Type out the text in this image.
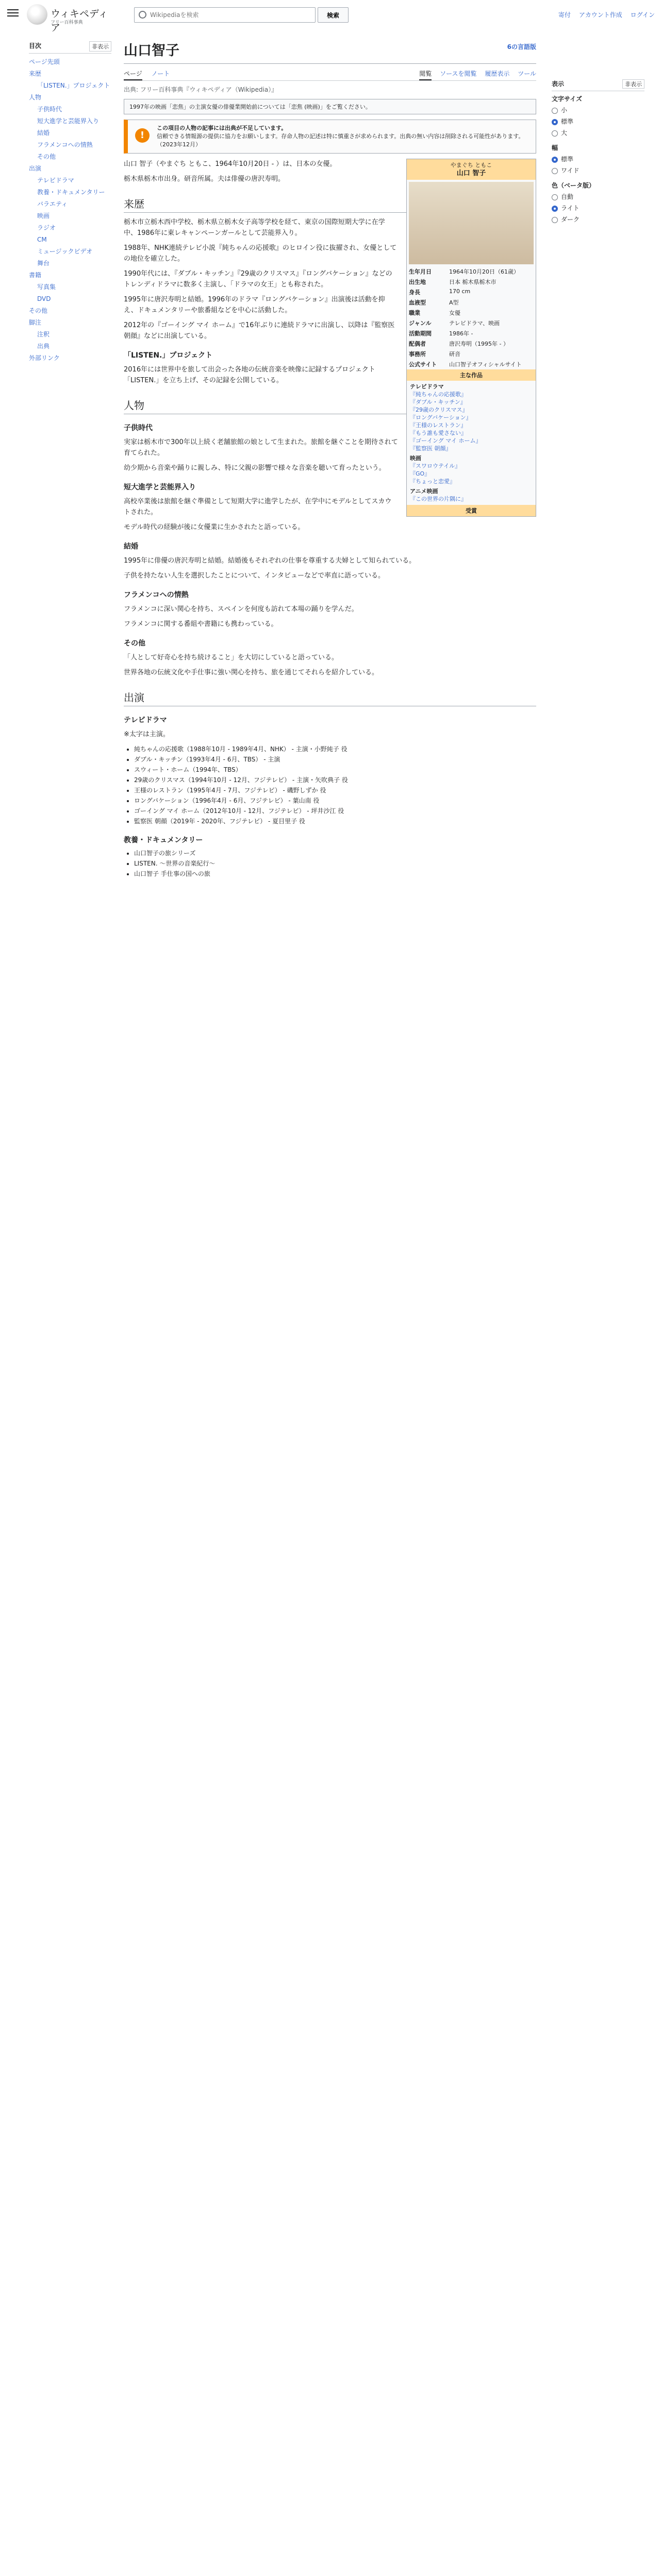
ウィキペディア
フリー百科事典
Wikipediaを検索
検索	寄付 アカウント作成 ログイン
目次	非表示
ページ先頭
来歴
「LISTEN.」プロジェクト
人物
子供時代
短大進学と芸能界入り
結婚
フラメンコへの情熱
その他
出演
テレビドラマ
教養・ドキュメンタリー
バラエティ
映画
ラジオ
CM
ミュージックビデオ
舞台
書籍
写真集
DVD
その他
脚注
注釈
出典
外部リンク
山口智子	6の言語版
ページ ノート	閲覧 ソースを閲覧 履歴表示 ツール
出典: フリー百科事典『ウィキペディア（Wikipedia）』
1997年の映画「恋焦」の主演女優の俳優業開始前については「恋焦 (映画)」をご覧ください。
!
この項目の人物の記事には出典が不足しています。
信頼できる情報源の提供に協力をお願いします。存命人物の記述は特に慎重さが求められます。出典の無い内容は削除される可能性があります。（2023年12月）
やまぐち ともこ
山口 智子
生年月日	1964年10月20日（61歳）
出生地	日本 栃木県栃木市
身長	170 cm
血液型	A型
職業	女優
ジャンル	テレビドラマ、映画
活動期間	1986年 -
配偶者	唐沢寿明（1995年 - ）
事務所	研音
公式サイト	山口智子オフィシャルサイト
主な作品
テレビドラマ
『純ちゃんの応援歌』
『ダブル・キッチン』
『29歳のクリスマス』
『ロングバケーション』
『王様のレストラン』
『もう誰も愛さない』
『ゴーイング マイ ホーム』
『監察医 朝顔』
映画
『スワロウテイル』
『GO』
『ちょっと恋愛』
アニメ映画
『この世界の片隅に』
受賞

山口 智子（やまぐち ともこ、1964年10月20日 - ）は、日本の女優。

栃木県栃木市出身。研音所属。夫は俳優の唐沢寿明。

来歴

栃木市立栃木西中学校、栃木県立栃木女子高等学校を経て、東京の国際短期大学に在学中、1986年に東レキャンペーンガールとして芸能界入り。

1988年、NHK連続テレビ小説『純ちゃんの応援歌』のヒロイン役に抜擢され、女優としての地位を確立した。

1990年代には、『ダブル・キッチン』『29歳のクリスマス』『ロングバケーション』などのトレンディドラマに数多く主演し、「ドラマの女王」とも称された。

1995年に唐沢寿明と結婚。1996年のドラマ『ロングバケーション』出演後は活動を抑え、ドキュメンタリーや旅番組などを中心に活動した。

2012年の『ゴーイング マイ ホーム』で16年ぶりに連続ドラマに出演し、以降は『監察医 朝顔』などに出演している。

「LISTEN.」プロジェクト

2016年には世界中を旅して出会った各地の伝統音楽を映像に記録するプロジェクト「LISTEN.」を立ち上げ、その記録を公開している。

人物
子供時代

実家は栃木市で300年以上続く老舗旅館の娘として生まれた。旅館を継ぐことを期待されて育てられた。

幼少期から音楽や踊りに親しみ、特に父親の影響で様々な音楽を聴いて育ったという。

短大進学と芸能界入り

高校卒業後は旅館を継ぐ準備として短期大学に進学したが、在学中にモデルとしてスカウトされた。

モデル時代の経験が後に女優業に生かされたと語っている。

結婚

1995年に俳優の唐沢寿明と結婚。結婚後もそれぞれの仕事を尊重する夫婦として知られている。

子供を持たない人生を選択したことについて、インタビューなどで率直に語っている。

フラメンコへの情熱

フラメンコに深い関心を持ち、スペインを何度も訪れて本場の踊りを学んだ。

フラメンコに関する番組や書籍にも携わっている。

その他

「人として好奇心を持ち続けること」を大切にしていると語っている。

世界各地の伝統文化や手仕事に強い関心を持ち、旅を通じてそれらを紹介している。

出演
テレビドラマ

※太字は主演。

• 純ちゃんの応援歌（1988年10月 - 1989年4月、NHK） - 主演・小野純子 役
• ダブル・キッチン（1993年4月 - 6月、TBS） - 主演
• スウィート・ホーム（1994年、TBS）
• 29歳のクリスマス（1994年10月 - 12月、フジテレビ） - 主演・矢吹典子 役
• 王様のレストラン（1995年4月 - 7月、フジテレビ） - 磯野しずか 役
• ロングバケーション（1996年4月 - 6月、フジテレビ） - 葉山南 役
• ゴーイング マイ ホーム（2012年10月 - 12月、フジテレビ） - 坪井沙江 役
• 監察医 朝顔（2019年 - 2020年、フジテレビ） - 夏目里子 役
教養・ドキュメンタリー
• 山口智子の旅シリーズ
• LISTEN. 〜世界の音楽紀行〜
• 山口智子 手仕事の国への旅
表示	非表示
文字サイズ
小
標準
大
幅
標準
ワイド
色（ベータ版）
自動
ライト
ダーク
